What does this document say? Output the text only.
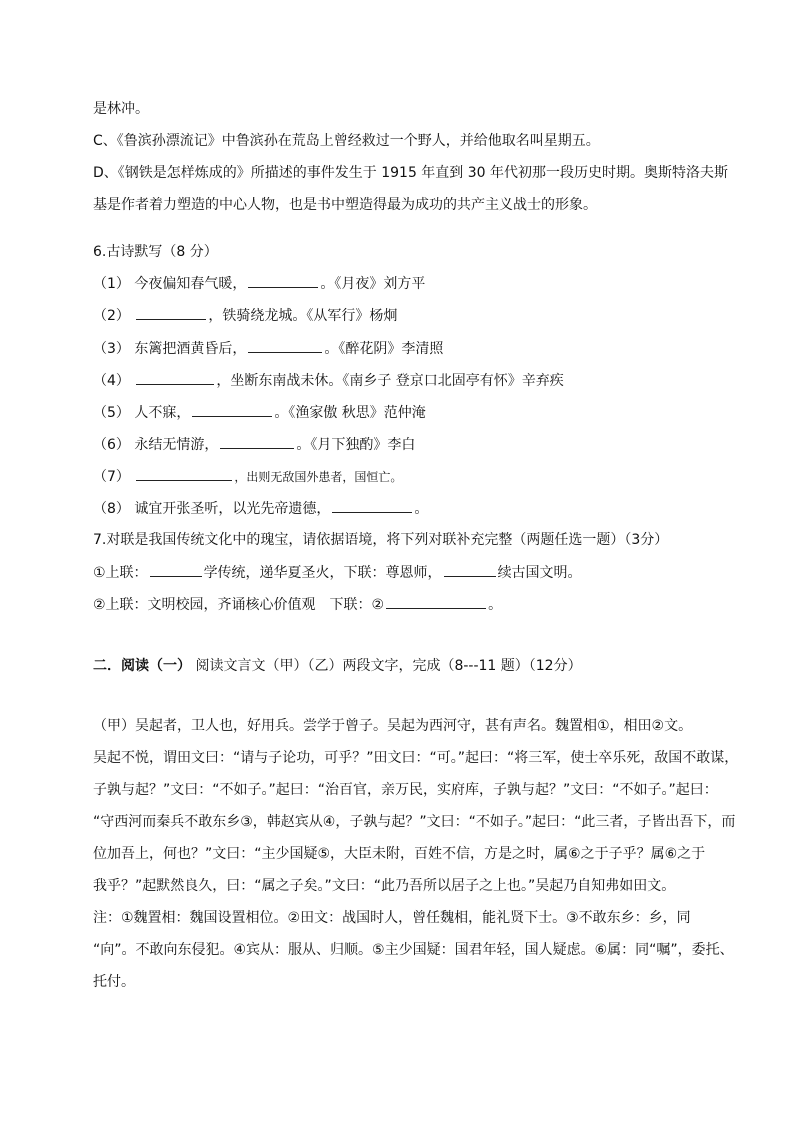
是林冲。
C、《鲁滨孙漂流记》中鲁滨孙在荒岛上曾经救过一个野人，并给他取名叫星期五。
D、《钢铁是怎样炼成的》所描述的事件发生于 1915 年直到 30 年代初那一段历史时期。奥斯特洛夫斯
基是作者着力塑造的中心人物，也是书中塑造得最为成功的共产主义战士的形象。
6.古诗默写（8 分）
（1） 今夜偏知春气暖，	。《月夜》刘方平
（2）	，铁骑绕龙城。《从军行》杨炯
（3） 东篱把酒黄昏后，	。《醉花阴》李清照
（4）	，坐断东南战未休。《南乡子 登京口北固亭有怀》辛弃疾
（5） 人不寐，	。《渔家傲 秋思》范仲淹
（6） 永结无情游，	。《月下独酌》李白
（7）	，出则无敌国外患者，国恒亡。
（8） 诚宜开张圣听，以光先帝遗德，	。
7.对联是我国传统文化中的瑰宝，请依据语境，将下列对联补充完整（两题任选一题）（3分）
①上联：	学传统，递华夏圣火，下联：尊恩师，	续古国文明。
②上联：文明校园，齐诵核心价值观　下联：②	。
二．阅读（一） 阅读文言文（甲）（乙）两段文字，完成（8---11 题）（12分）
（甲）吴起者，卫人也，好用兵。尝学于曾子。吴起为西河守，甚有声名。魏置相①，相田②文。
吴起不悦，谓田文曰：“请与子论功，可乎？”田文曰：“可。”起曰：“将三军，使士卒乐死，敌国不敢谋，
子孰与起？”文曰：“不如子。”起曰：“治百官，亲万民，实府库，子孰与起？”文曰：“不如子。”起曰：
“守西河而秦兵不敢东乡③，韩赵宾从④，子孰与起？”文曰：“不如子。”起曰：“此三者，子皆出吾下，而
位加吾上，何也？”文曰：“主少国疑⑤，大臣未附，百姓不信，方是之时，属⑥之于子乎？属⑥之于
我乎？”起默然良久，曰：“属之子矣。”文曰：“此乃吾所以居子之上也。”吴起乃自知弗如田文。
注：①魏置相：魏国设置相位。②田文：战国时人，曾任魏相，能礼贤下士。③不敢东乡：乡，同
“向”。不敢向东侵犯。④宾从：服从、归顺。⑤主少国疑：国君年轻，国人疑虑。⑥属：同“嘱”，委托、
托付。
